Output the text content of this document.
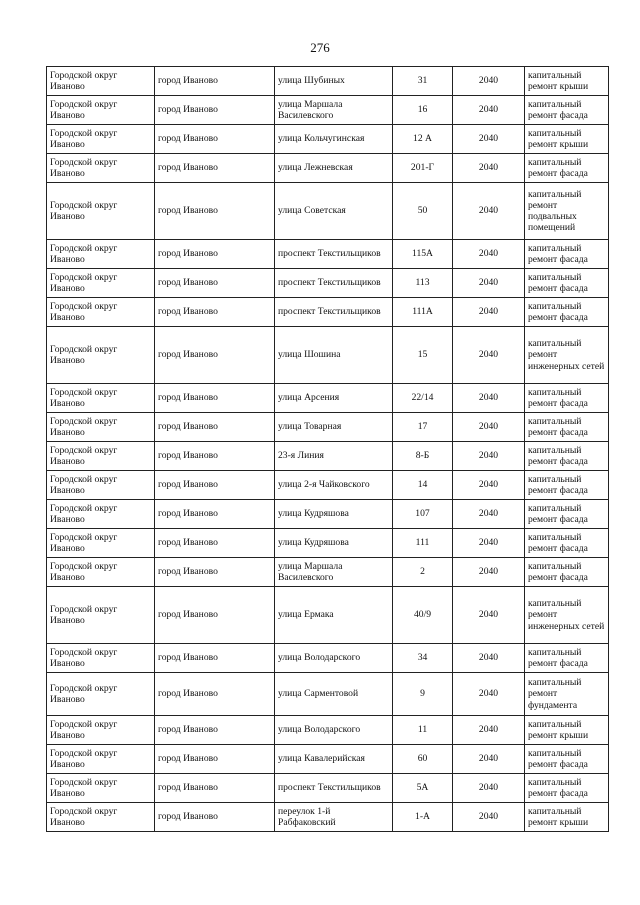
276
Городской округ Иваново	город Иваново	улица Шубиных	31	2040	капитальный ремонт крыши
Городской округ Иваново	город Иваново	улица Маршала Василевского	16	2040	капитальный ремонт фасада
Городской округ Иваново	город Иваново	улица Кольчугинская	12 А	2040	капитальный ремонт крыши
Городской округ Иваново	город Иваново	улица Лежневская	201-Г	2040	капитальный ремонт фасада
Городской округ Иваново	город Иваново	улица Советская	50	2040	капитальный ремонт подвальных помещений
Городской округ Иваново	город Иваново	проспект Текстильщиков	115А	2040	капитальный ремонт фасада
Городской округ Иваново	город Иваново	проспект Текстильщиков	113	2040	капитальный ремонт фасада
Городской округ Иваново	город Иваново	проспект Текстильщиков	111А	2040	капитальный ремонт фасада
Городской округ Иваново	город Иваново	улица Шошина	15	2040	капитальный ремонт инженерных сетей
Городской округ Иваново	город Иваново	улица Арсения	22/14	2040	капитальный ремонт фасада
Городской округ Иваново	город Иваново	улица Товарная	17	2040	капитальный ремонт фасада
Городской округ Иваново	город Иваново	23-я Линия	8-Б	2040	капитальный ремонт фасада
Городской округ Иваново	город Иваново	улица 2-я Чайковского	14	2040	капитальный ремонт фасада
Городской округ Иваново	город Иваново	улица Кудряшова	107	2040	капитальный ремонт фасада
Городской округ Иваново	город Иваново	улица Кудряшова	111	2040	капитальный ремонт фасада
Городской округ Иваново	город Иваново	улица Маршала Василевского	2	2040	капитальный ремонт фасада
Городской округ Иваново	город Иваново	улица Ермака	40/9	2040	капитальный ремонт инженерных сетей
Городской округ Иваново	город Иваново	улица Володарского	34	2040	капитальный ремонт фасада
Городской округ Иваново	город Иваново	улица Сарментовой	9	2040	капитальный ремонт фундамента
Городской округ Иваново	город Иваново	улица Володарского	11	2040	капитальный ремонт крыши
Городской округ Иваново	город Иваново	улица Кавалерийская	60	2040	капитальный ремонт фасада
Городской округ Иваново	город Иваново	проспект Текстильщиков	5А	2040	капитальный ремонт фасада
Городской округ Иваново	город Иваново	переулок 1-й Рабфаковский	1-А	2040	капитальный ремонт крыши
